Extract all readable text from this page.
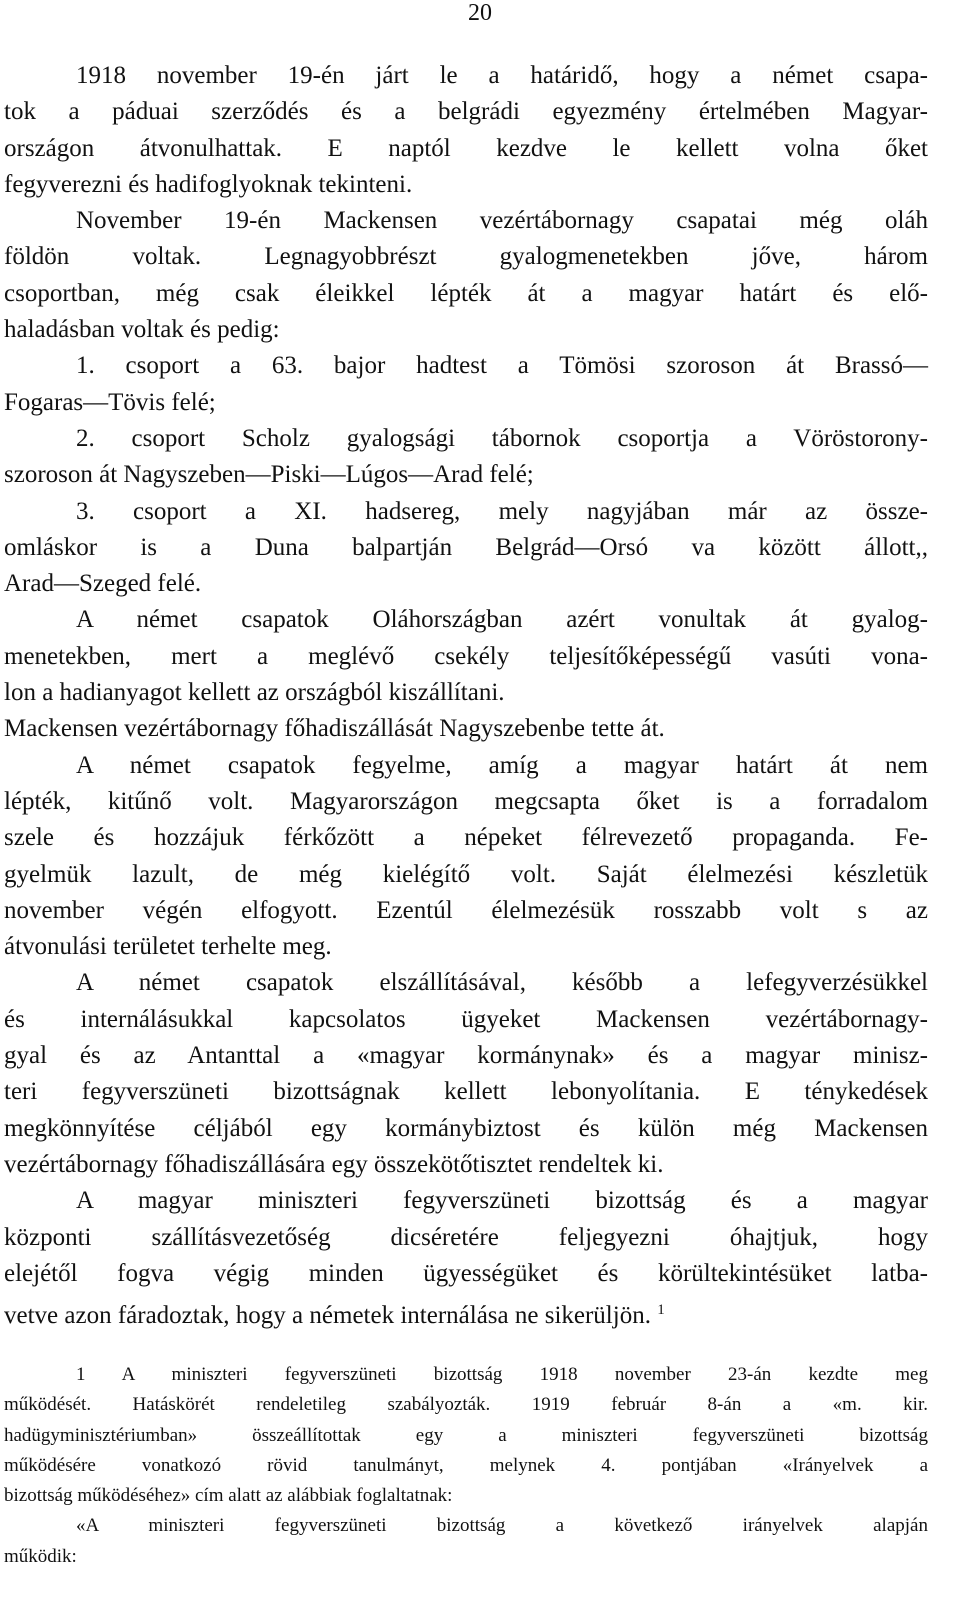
20
1918 november 19-én járt le a határidő, hogy a német csapa-
tok a páduai szerződés és a belgrádi egyezmény értelmében Magyar-
országon átvonulhattak. E naptól kezdve le kellett volna őket
fegyverezni és hadifoglyoknak tekinteni.
November 19-én Mackensen vezértábornagy csapatai még oláh
földön voltak. Legnagyobbrészt gyalogmenetekben jőve, három
csoportban, még csak éleikkel lépték át a magyar határt és elő-
haladásban voltak és pedig:
1. csoport a 63. bajor hadtest a Tömösi szoroson át Brassó—
Fogaras—Tövis felé;
2. csoport Scholz gyalogsági tábornok csoportja a Vöröstorony-
szoroson át Nagyszeben—Piski—Lúgos—Arad felé;
3. csoport a XI. hadsereg, mely nagyjában már az össze-
omláskor is a Duna balpartján Belgrád—Orsó va között állott,,
Arad—Szeged felé.
A német csapatok Oláhországban azért vonultak át gyalog-
menetekben, mert a meglévő csekély teljesítőképességű vasúti vona-
lon a hadianyagot kellett az országból kiszállítani.
Mackensen vezértábornagy főhadiszállását Nagyszebenbe tette át.
A német csapatok fegyelme, amíg a magyar határt át nem
lépték, kitűnő volt. Magyarországon megcsapta őket is a forradalom
szele és hozzájuk férkőzött a népeket félrevezető propaganda. Fe-
gyelmük lazult, de még kielégítő volt. Saját élelmezési készletük
november végén elfogyott. Ezentúl élelmezésük rosszabb volt s az
átvonulási területet terhelte meg.
A német csapatok elszállításával, később a lefegyverzésükkel
és internálásukkal kapcsolatos ügyeket Mackensen vezértábornagy-
gyal és az Antanttal a «magyar kormánynak» és a magyar minisz-
teri fegyverszüneti bizottságnak kellett lebonyolítania. E ténykedések
megkönnyítése céljából egy kormánybiztost és külön még Mackensen
vezértábornagy főhadiszállására egy összekötőtisztet rendeltek ki.
A magyar miniszteri fegyverszüneti bizottság és a magyar
központi szállításvezetőség dicséretére feljegyezni óhajtjuk, hogy
elejétől fogva végig minden ügyességüket és körültekintésüket latba-
vetve azon fáradoztak, hogy a németek internálása ne sikerüljön. $^1$
1 A miniszteri fegyverszüneti bizottság 1918 november 23-án kezdte meg
működését. Hatáskörét rendeletileg szabályozták. 1919 február 8-án a «m. kir.
hadügyminisztériumban» összeállítottak egy a miniszteri fegyverszüneti bizottság
működésére vonatkozó rövid tanulmányt, melynek 4. pontjában «Irányelvek a
bizottság működéséhez» cím alatt az alábbiak foglaltatnak:
«A miniszteri fegyverszüneti bizottság a következő irányelvek alapján
működik:
